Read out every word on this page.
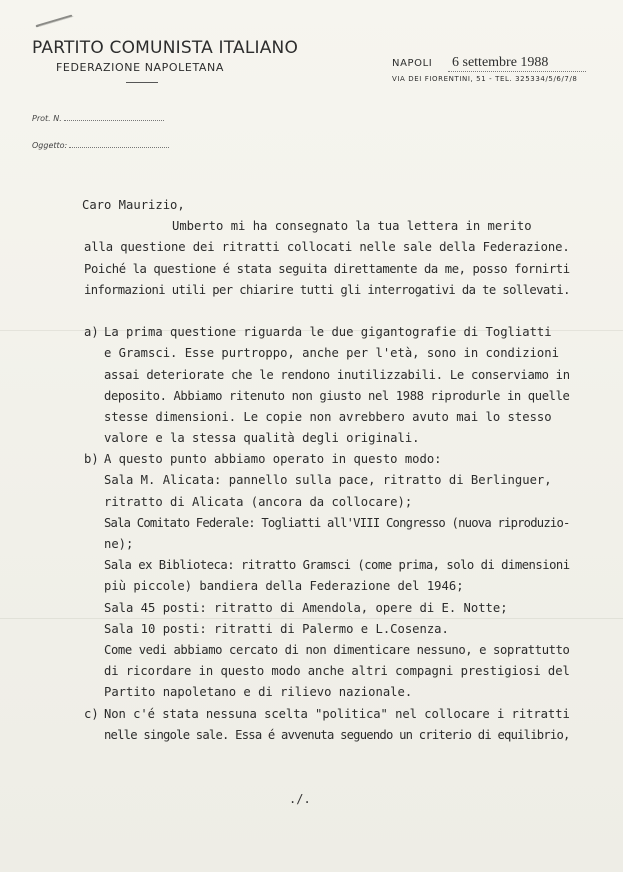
PARTITO COMUNISTA ITALIANO
FEDERAZIONE NAPOLETANA	NAPOLI	6 settembre 1988
VIA DEI FIORENTINI, 51 - TEL. 325334/5/6/7/8
Prot. N.
Oggetto:
Caro Maurizio,
Umberto mi ha consegnato la tua lettera in merito
alla questione dei ritratti collocati nelle sale della Federazione.
Poiché la questione é stata seguita direttamente da me, posso fornirti
informazioni utili per chiarire tutti gli interrogativi da te sollevati.
a) La prima questione riguarda le due gigantografie di Togliatti
e Gramsci. Esse purtroppo, anche per l'età, sono in condizioni
assai deteriorate che le rendono inutilizzabili. Le conserviamo in
deposito. Abbiamo ritenuto non giusto nel 1988 riprodurle in quelle
stesse dimensioni. Le copie non avrebbero avuto mai lo stesso
valore e la stessa qualità degli originali.
b) A questo punto abbiamo operato in questo modo:
Sala M. Alicata: pannello sulla pace, ritratto di Berlinguer,
ritratto di Alicata (ancora da collocare);
Sala Comitato Federale: Togliatti all'VIII Congresso (nuova riproduzio-
ne);
Sala ex Biblioteca: ritratto Gramsci (come prima, solo di dimensioni
più piccole) bandiera della Federazione del 1946;
Sala 45 posti: ritratto di Amendola, opere di E. Notte;
Sala 10 posti: ritratti di Palermo e L.Cosenza.
Come vedi abbiamo cercato di non dimenticare nessuno, e soprattutto
di ricordare in questo modo anche altri compagni prestigiosi del
Partito napoletano e di rilievo nazionale.
c) Non c'é stata nessuna scelta "politica" nel collocare i ritratti
nelle singole sale. Essa é avvenuta seguendo un criterio di equilibrio,
./.
